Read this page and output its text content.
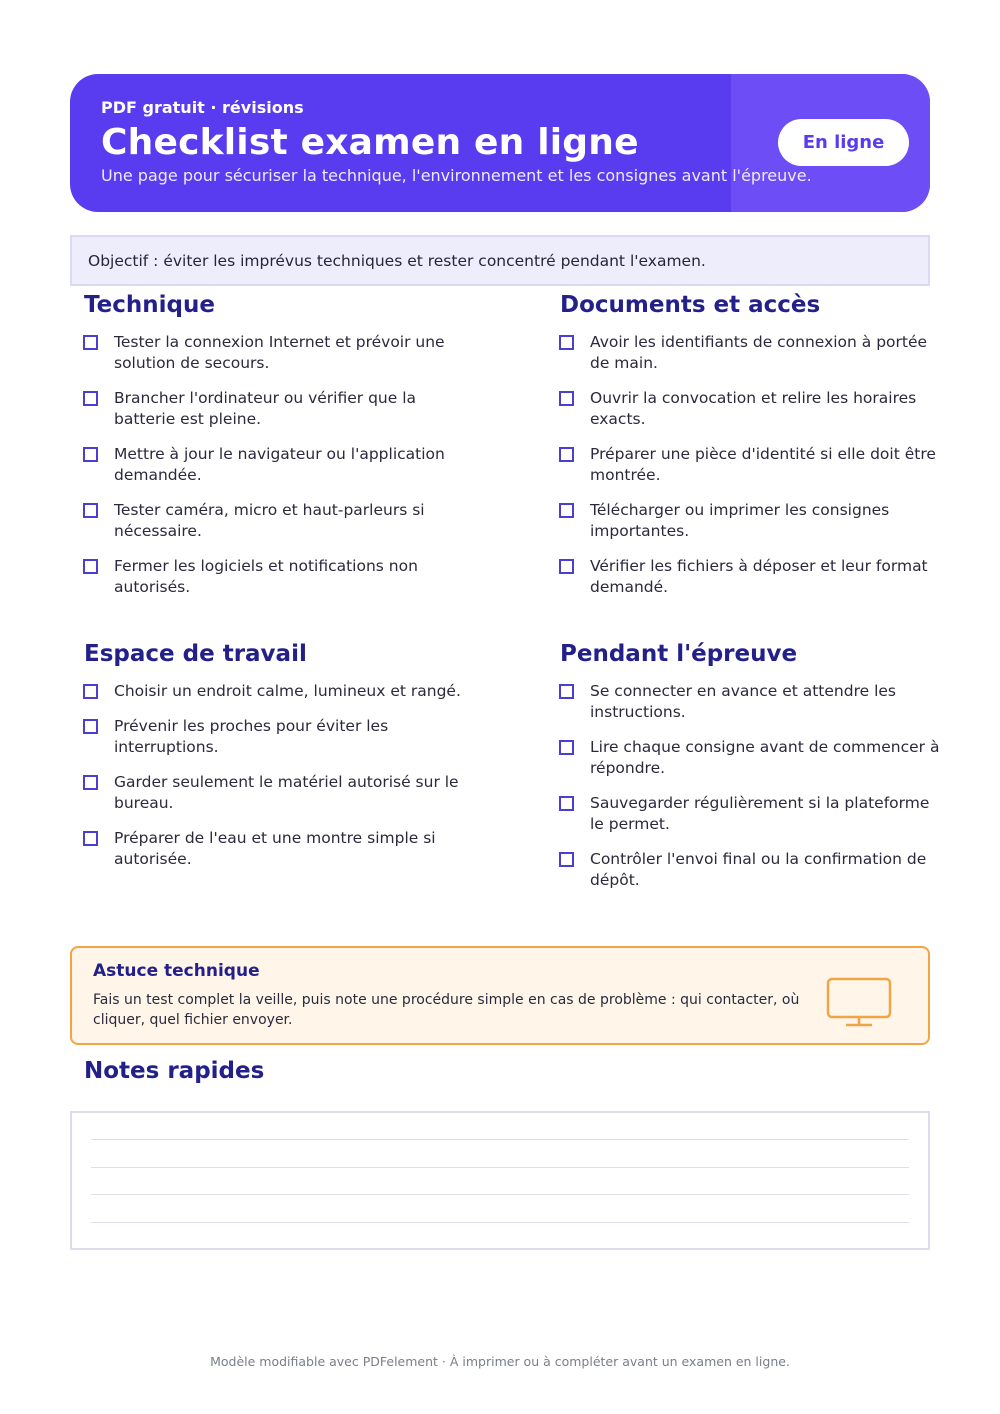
PDF gratuit · révisions
Checklist examen en ligne
Une page pour sécuriser la technique, l'environnement et les consignes avant l'épreuve.
En ligne
Objectif : éviter les imprévus techniques et rester concentré pendant l'examen.
Technique
Tester la connexion Internet et prévoir une solution de secours.
Brancher l'ordinateur ou vérifier que la batterie est pleine.
Mettre à jour le navigateur ou l'application demandée.
Tester caméra, micro et haut-parleurs si nécessaire.
Fermer les logiciels et notifications non autorisés.
Documents et accès
Avoir les identifiants de connexion à portée de main.
Ouvrir la convocation et relire les horaires exacts.
Préparer une pièce d'identité si elle doit être montrée.
Télécharger ou imprimer les consignes importantes.
Vérifier les fichiers à déposer et leur format demandé.
Espace de travail
Choisir un endroit calme, lumineux et rangé.
Prévenir les proches pour éviter les interruptions.
Garder seulement le matériel autorisé sur le bureau.
Préparer de l'eau et une montre simple si autorisée.
Pendant l'épreuve
Se connecter en avance et attendre les instructions.
Lire chaque consigne avant de commencer à répondre.
Sauvegarder régulièrement si la plateforme le permet.
Contrôler l'envoi final ou la confirmation de dépôt.
Astuce technique
Fais un test complet la veille, puis note une procédure simple en cas de problème : qui contacter, où cliquer, quel fichier envoyer.
Notes rapides
Modèle modifiable avec PDFelement · À imprimer ou à compléter avant un examen en ligne.
